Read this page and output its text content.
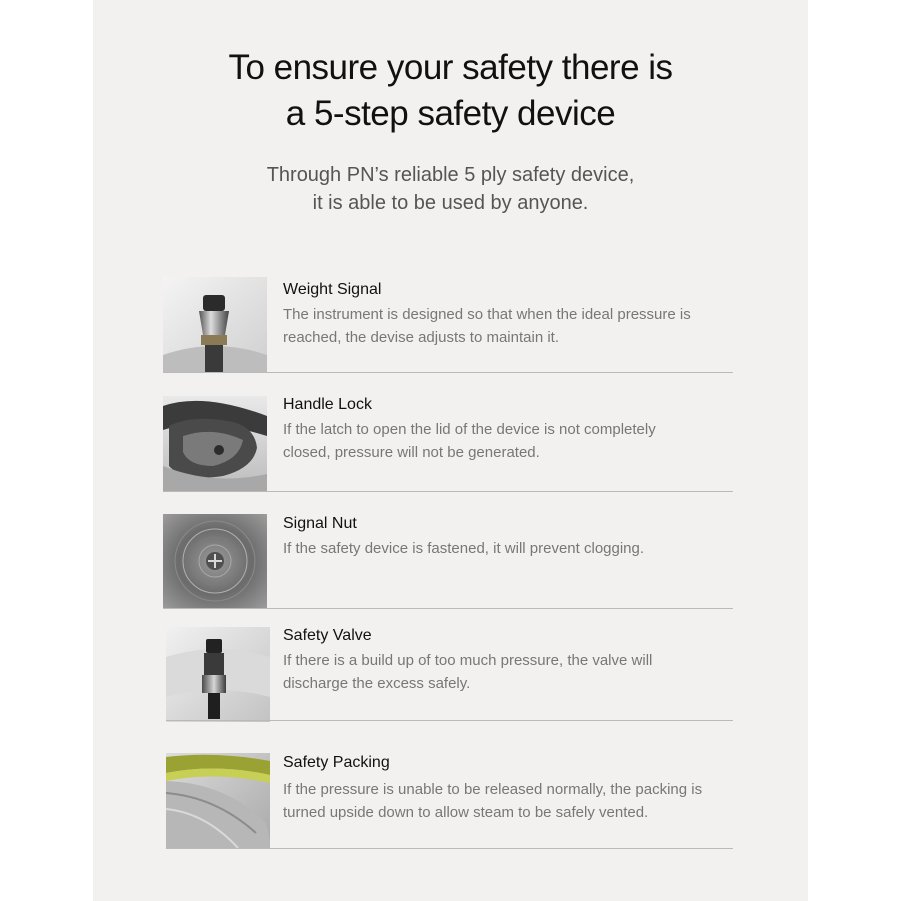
To ensure your safety there is
a 5-step safety device
Through PN’s reliable 5 ply safety device,
it is able to be used by anyone.
Weight Signal
The instrument is designed so that when the ideal pressure is
reached, the devise adjusts to maintain it.
Handle Lock
If the latch to open the lid of the device is not completely
closed, pressure will not be generated.
Signal Nut
If the safety device is fastened, it will prevent clogging.
Safety Valve
If there is a build up of too much pressure, the valve will
discharge the excess safely.
Safety Packing
If the pressure is unable to be released normally, the packing is
turned upside down to allow steam to be safely vented.
